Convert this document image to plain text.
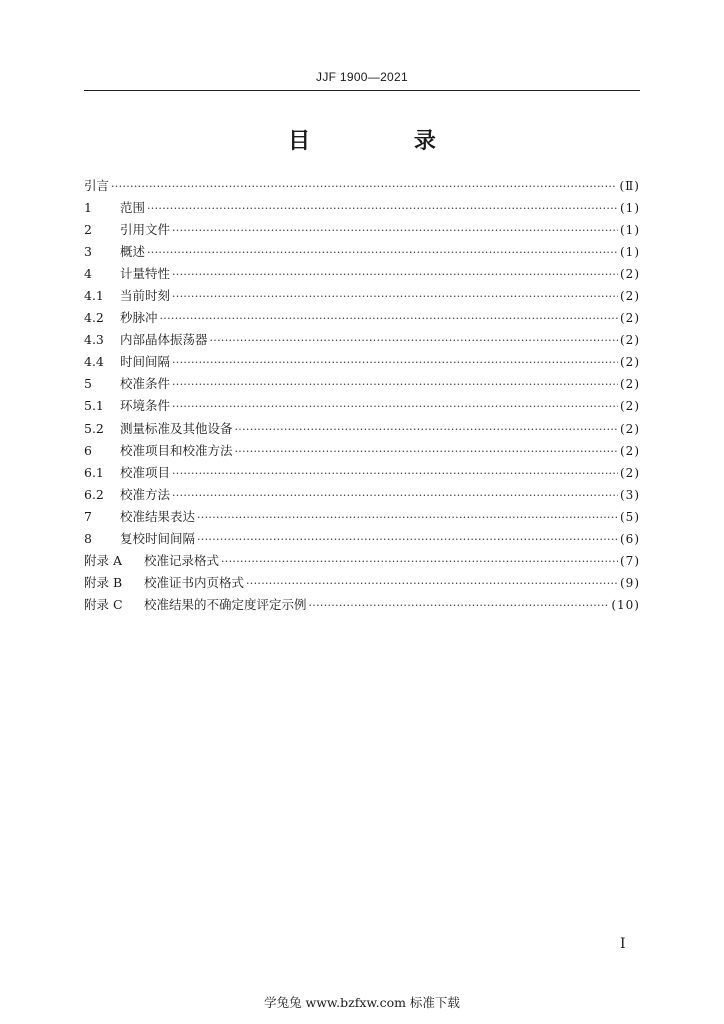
JJF 1900—2021
目 录
引言 ·····	(Ⅱ)
1	范围 ·····	(1)
2	引用文件 ·····	(1)
3	概述 ·····	(1)
4	计量特性 ·····	(2)
4.1	当前时刻 ·····	(2)
4.2	秒脉冲 ·····	(2)
4.3	内部晶体振荡器 ·····	(2)
4.4	时间间隔 ·····	(2)
5	校准条件 ·····	(2)
5.1	环境条件 ·····	(2)
5.2	测量标准及其他设备 ·····	(2)
6	校准项目和校准方法 ·····	(2)
6.1	校准项目 ·····	(2)
6.2	校准方法 ·····	(3)
7	校准结果表达 ·····	(5)
8	复校时间间隔 ·····	(6)
附录 A	校准记录格式 ·····	(7)
附录 B	校准证书内页格式 ·····	(9)
附录 C	校准结果的不确定度评定示例 ·····	(10)
Ⅰ
学兔兔 www.bzfxw.com 标准下载
